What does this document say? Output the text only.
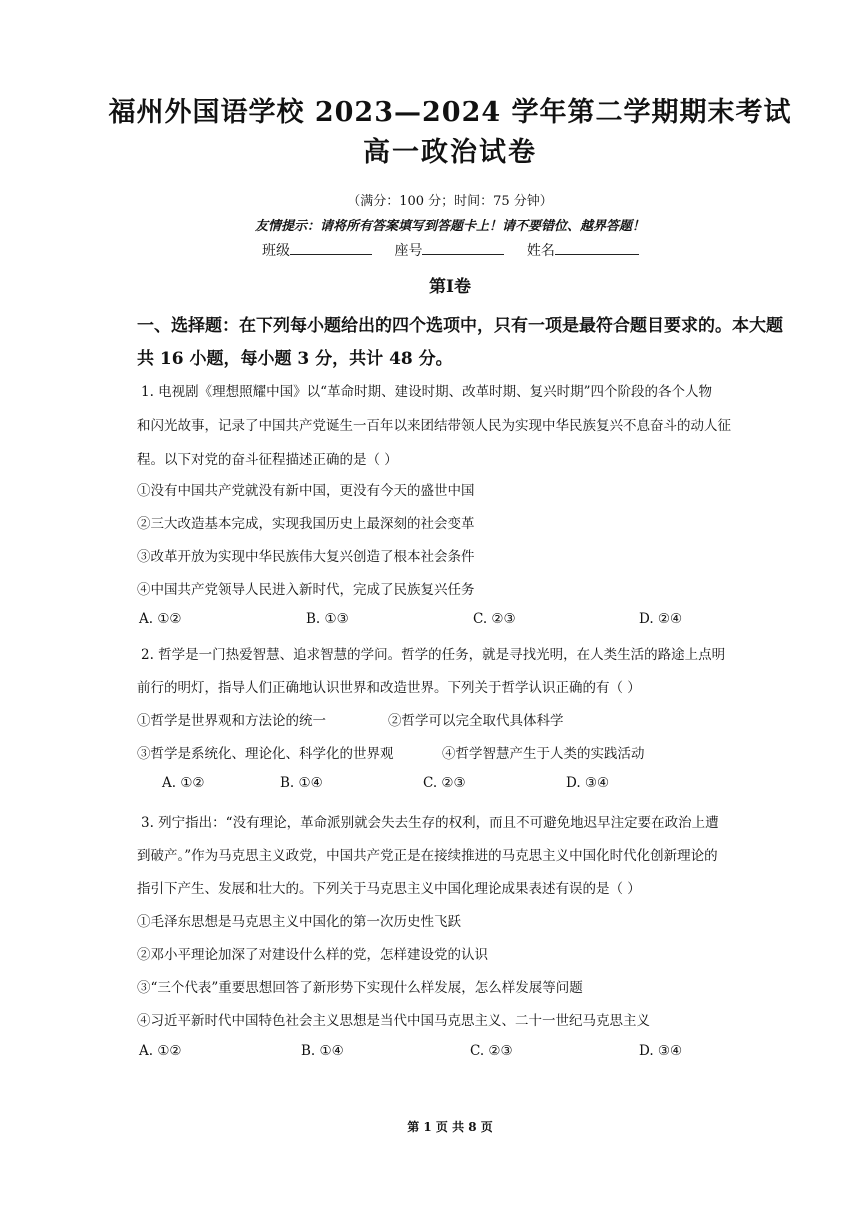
福州外国语学校 2023—2024 学年第二学期期末考试
高一政治试卷
（满分：100 分；时间：75 分钟）
友情提示：请将所有答案填写到答题卡上！请不要错位、越界答题！
班级	座号	姓名
第Ⅰ卷
一、选择题：在下列每小题给出的四个选项中，只有一项是最符合题目要求的。本大题共 16 小题，每小题 3 分，共计 48 分。
1. 电视剧《理想照耀中国》以“革命时期、建设时期、改革时期、复兴时期”四个阶段的各个人物
和闪光故事，记录了中国共产党诞生一百年以来团结带领人民为实现中华民族复兴不息奋斗的动人征
程。以下对党的奋斗征程描述正确的是（ ）
①没有中国共产党就没有新中国，更没有今天的盛世中国
②三大改造基本完成，实现我国历史上最深刻的社会变革
③改革开放为实现中华民族伟大复兴创造了根本社会条件
④中国共产党领导人民进入新时代，完成了民族复兴任务
A. ①②	B. ①③	C. ②③	D. ②④
2. 哲学是一门热爱智慧、追求智慧的学问。哲学的任务，就是寻找光明，在人类生活的路途上点明
前行的明灯，指导人们正确地认识世界和改造世界。下列关于哲学认识正确的有（ ）
①哲学是世界观和方法论的统一	②哲学可以完全取代具体科学
③哲学是系统化、理论化、科学化的世界观	④哲学智慧产生于人类的实践活动
A. ①②	B. ①④	C. ②③	D. ③④
3. 列宁指出：“没有理论，革命派别就会失去生存的权利，而且不可避免地迟早注定要在政治上遭
到破产。”作为马克思主义政党，中国共产党正是在接续推进的马克思主义中国化时代化创新理论的
指引下产生、发展和壮大的。下列关于马克思主义中国化理论成果表述有误的是（ ）
①毛泽东思想是马克思主义中国化的第一次历史性飞跃
②邓小平理论加深了对建设什么样的党，怎样建设党的认识
③“三个代表”重要思想回答了新形势下实现什么样发展，怎么样发展等问题
④习近平新时代中国特色社会主义思想是当代中国马克思主义、二十一世纪马克思主义
A. ①②	B. ①④	C. ②③	D. ③④
第 1 页 共 8 页
